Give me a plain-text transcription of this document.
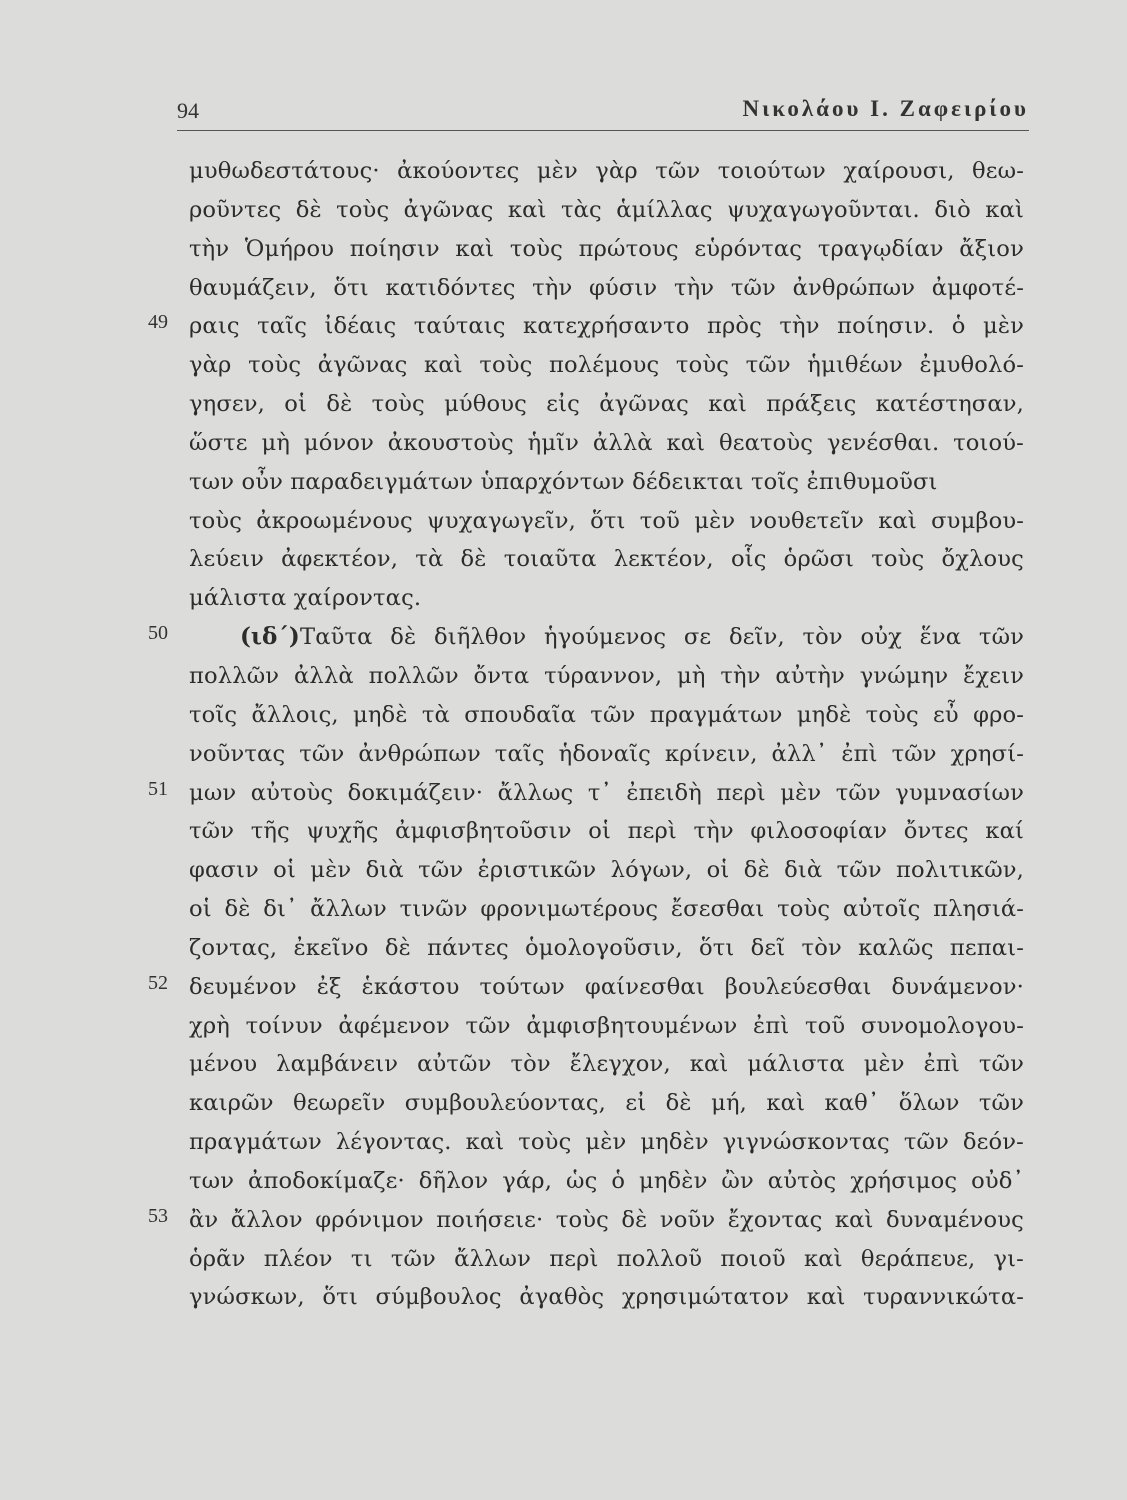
94	Νικολάου Ι. Ζαφειρίου
μυθωδεστάτους· ἀκούοντες μὲν γὰρ τῶν τοιούτων χαίρουσι, θεω-
ροῦντες δὲ τοὺς ἀγῶνας καὶ τὰς ἁμίλλας ψυχαγωγοῦνται. διὸ καὶ
τὴν Ὁμήρου ποίησιν καὶ τοὺς πρώτους εὑρόντας τραγῳδίαν ἄξιον
θαυμάζειν, ὅτι κατιδόντες τὴν φύσιν τὴν τῶν ἀνθρώπων ἀμφοτέ-
49 ραις ταῖς ἰδέαις ταύταις κατεχρήσαντο πρὸς τὴν ποίησιν. ὁ μὲν
γὰρ τοὺς ἀγῶνας καὶ τοὺς πολέμους τοὺς τῶν ἡμιθέων ἐμυθολό-
γησεν, οἱ δὲ τοὺς μύθους εἰς ἀγῶνας καὶ πράξεις κατέστησαν,
ὥστε μὴ μόνον ἀκουστοὺς ἡμῖν ἀλλὰ καὶ θεατοὺς γενέσθαι. τοιού-
των οὖν παραδειγμάτων ὑπαρχόντων δέδεικται τοῖς ἐπιθυμοῦσι
τοὺς ἀκροωμένους ψυχαγωγεῖν, ὅτι τοῦ μὲν νουθετεῖν καὶ συμβου-
λεύειν ἀφεκτέον, τὰ δὲ τοιαῦτα λεκτέον, οἷς ὁρῶσι τοὺς ὄχλους
μάλιστα χαίροντας.
50	(ιδ΄) Ταῦτα δὲ διῆλθον ἡγούμενος σε δεῖν, τὸν οὐχ ἕνα τῶν
πολλῶν ἀλλὰ πολλῶν ὄντα τύραννον, μὴ τὴν αὐτὴν γνώμην ἔχειν
τοῖς ἄλλοις, μηδὲ τὰ σπουδαῖα τῶν πραγμάτων μηδὲ τοὺς εὖ φρο-
νοῦντας τῶν ἀνθρώπων ταῖς ἡδοναῖς κρίνειν, ἀλλ᾿ ἐπὶ τῶν χρησί-
51 μων αὐτοὺς δοκιμάζειν· ἄλλως τ᾿ ἐπειδὴ περὶ μὲν τῶν γυμνασίων
τῶν τῆς ψυχῆς ἀμφισβητοῦσιν οἱ περὶ τὴν φιλοσοφίαν ὄντες καί
φασιν οἱ μὲν διὰ τῶν ἐριστικῶν λόγων, οἱ δὲ διὰ τῶν πολιτικῶν,
οἱ δὲ δι᾿ ἄλλων τινῶν φρονιμωτέρους ἔσεσθαι τοὺς αὐτοῖς πλησιά-
ζοντας, ἐκεῖνο δὲ πάντες ὁμολογοῦσιν, ὅτι δεῖ τὸν καλῶς πεπαι-
52 δευμένον ἐξ ἑκάστου τούτων φαίνεσθαι βουλεύεσθαι δυνάμενον·
χρὴ τοίνυν ἀφέμενον τῶν ἀμφισβητουμένων ἐπὶ τοῦ συνομολογου-
μένου λαμβάνειν αὐτῶν τὸν ἔλεγχον, καὶ μάλιστα μὲν ἐπὶ τῶν
καιρῶν θεωρεῖν συμβουλεύοντας, εἰ δὲ μή, καὶ καθ᾿ ὅλων τῶν
πραγμάτων λέγοντας. καὶ τοὺς μὲν μηδὲν γιγνώσκοντας τῶν δεόν-
των ἀποδοκίμαζε· δῆλον γάρ, ὡς ὁ μηδὲν ὢν αὐτὸς χρήσιμος οὐδ᾿
53 ἂν ἄλλον φρόνιμον ποιήσειε· τοὺς δὲ νοῦν ἔχοντας καὶ δυναμένους
ὁρᾶν πλέον τι τῶν ἄλλων περὶ πολλοῦ ποιοῦ καὶ θεράπευε, γι-
γνώσκων, ὅτι σύμβουλος ἀγαθὸς χρησιμώτατον καὶ τυραννικώτα-
